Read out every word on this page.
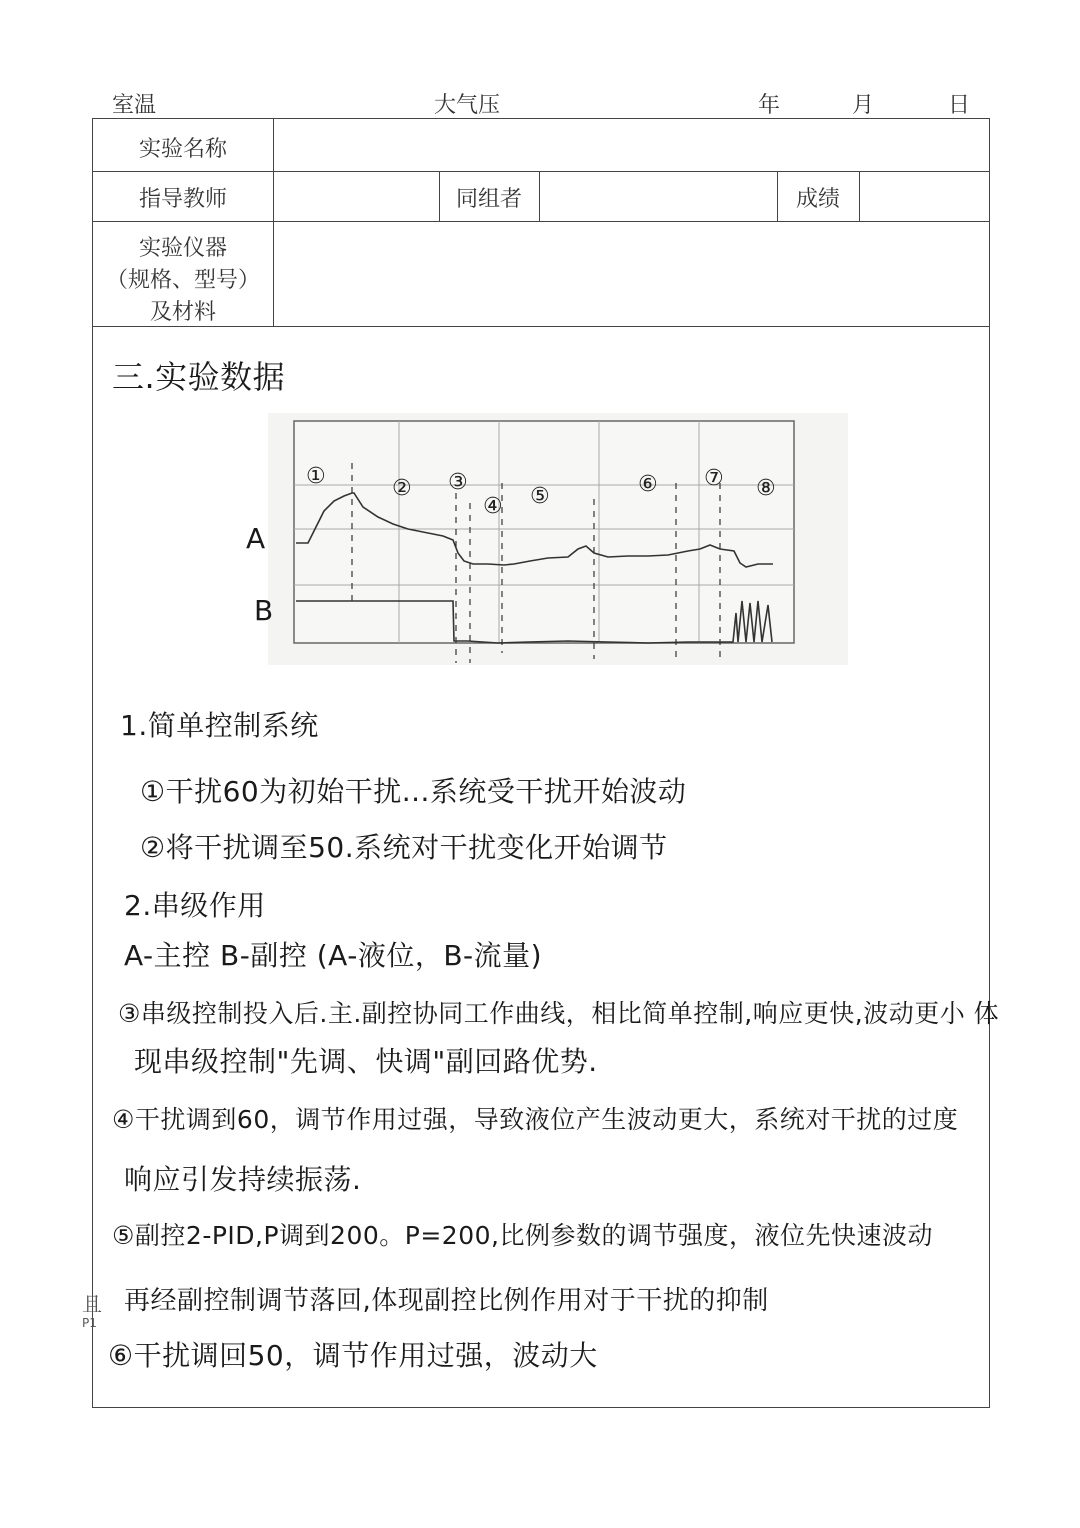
室温	大气压	年	月	日
实验名称
指导教师	同组者	成绩
实验仪器
（规格、型号）
及材料
三.实验数据
①	② ③
④ ⑤	⑥ ⑦ ⑧
A
B
1.简单控制系统
①干扰60为初始干扰...系统受干扰开始波动
②将干扰调至50.系统对干扰变化开始调节
2.串级作用
A-主控 B-副控 (A-液位，B-流量)
③串级控制投入后.主.副控协同工作曲线，相比简单控制,响应更快,波动更小 体
现串级控制"先调、快调"副回路优势.
④干扰调到60，调节作用过强，导致液位产生波动更大，系统对干扰的过度
响应引发持续振荡.
⑤副控2-PID,P调到200。P=200,比例参数的调节强度，液位先快速波动
再经副控制调节落回,体现副控比例作用对于干扰的抑制
⑥干扰调回50，调节作用过强，波动大
且
P1
